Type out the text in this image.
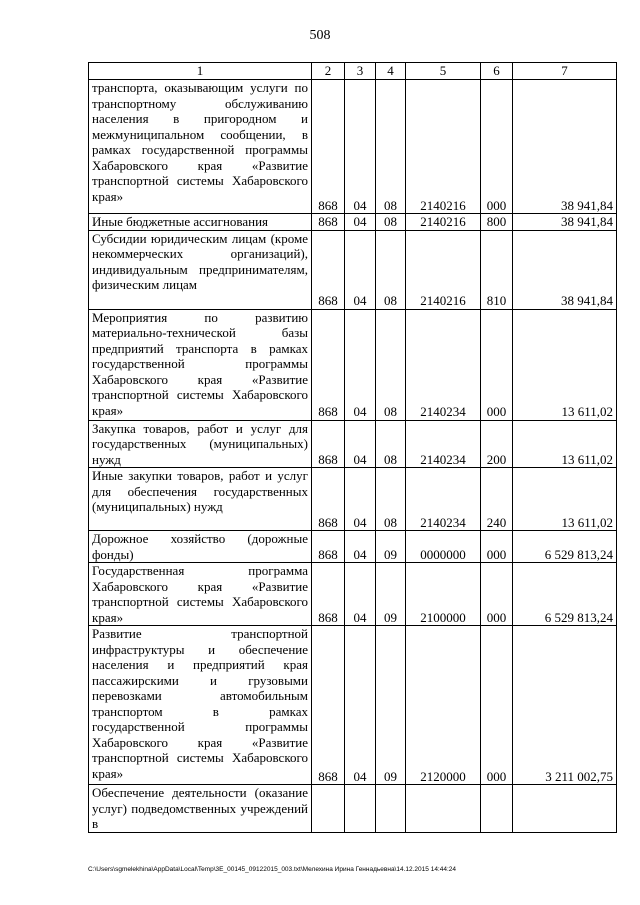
508
1	2	3	4	5	6	7

транспорта, оказывающим услуги по транспортному обслуживанию населения в пригородном и межмуниципальном сообщении, в рамках государственной программы Хабаровского края «Развитие транспортной системы Хабаровского края»	868	04	08	2140216	000	38 941,84

Иные бюджетные ассигнования	868	04	08	2140216	800	38 941,84

Субсидии юридическим лицам (кроме некоммерческих организаций), индивидуальным предпринимателям, физическим лицам	868	04	08	2140216	810	38 941,84

Мероприятия по развитию материально-технической базы предприятий транспорта в рамках государственной программы Хабаровского края «Развитие транспортной системы Хабаровского края»	868	04	08	2140234	000	13 611,02

Закупка товаров, работ и услуг для государственных (муниципальных) нужд	868	04	08	2140234	200	13 611,02

Иные закупки товаров, работ и услуг для обеспечения государственных (муниципальных) нужд	868	04	08	2140234	240	13 611,02

Дорожное хозяйство (дорожные фонды)	868	04	09	0000000	000	6 529 813,24

Государственная программа Хабаровского края «Развитие транспортной системы Хабаровского края»	868	04	09	2100000	000	6 529 813,24

Развитие транспортной инфраструктуры и обеспечение населения и предприятий края пассажирскими и грузовыми перевозками автомобильным транспортом в рамках государственной программы Хабаровского края «Развитие транспортной системы Хабаровского края»	868	04	09	2120000	000	3 211 002,75

Обеспечение деятельности (оказание услуг) подведомственных учреждений в						

C:\Users\sgmelekhina\AppData\Local\Temp\3E_00145_09122015_003.txt\Мелехина Ирина Геннадьевна\14.12.2015 14:44:24
